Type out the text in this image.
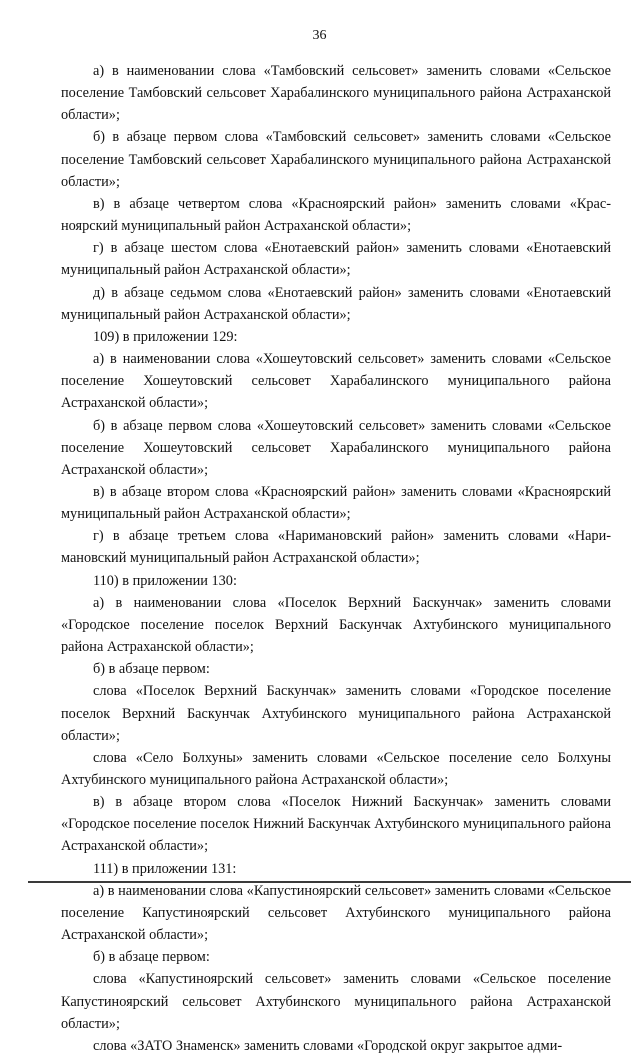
36

а) в наименовании слова «Тамбовский сельсовет» заменить словами «Сельское поселение Тамбовский сельсовет Харабалинского муниципального района Астраханской области»;

б) в абзаце первом слова «Тамбовский сельсовет» заменить словами «Сельское поселение Тамбовский сельсовет Харабалинского муниципального района Астраханской области»;

в) в абзаце четвертом слова «Красноярский район» заменить словами «Красноярский муниципальный район Астраханской области»;

г) в абзаце шестом слова «Енотаевский район» заменить словами «Енотаевский муниципальный район Астраханской области»;

д) в абзаце седьмом слова «Енотаевский район» заменить словами «Енотаевский муниципальный район Астраханской области»;

109) в приложении 129:

а) в наименовании слова «Хошеутовский сельсовет» заменить словами «Сельское поселение Хошеутовский сельсовет Харабалинского муниципального района Астраханской области»;

б) в абзаце первом слова «Хошеутовский сельсовет» заменить словами «Сельское поселение Хошеутовский сельсовет Харабалинского муниципального района Астраханской области»;

в) в абзаце втором слова «Красноярский район» заменить словами «Красноярский муниципальный район Астраханской области»;

г) в абзаце третьем слова «Наримановский район» заменить словами «Наримановский муниципальный район Астраханской области»;

110) в приложении 130:

а) в наименовании слова «Поселок Верхний Баскунчак» заменить словами «Городское поселение поселок Верхний Баскунчак Ахтубинского муниципального района Астраханской области»;

б) в абзаце первом:

слова «Поселок Верхний Баскунчак» заменить словами «Городское поселение поселок Верхний Баскунчак Ахтубинского муниципального района Астраханской области»;

слова «Село Болхуны» заменить словами «Сельское поселение село Болхуны Ахтубинского муниципального района Астраханской области»;

в) в абзаце втором слова «Поселок Нижний Баскунчак» заменить словами «Городское поселение поселок Нижний Баскунчак Ахтубинского муниципального района Астраханской области»;

111) в приложении 131:

а) в наименовании слова «Капустиноярский сельсовет» заменить словами «Сельское поселение Капустиноярский сельсовет Ахтубинского муниципального района Астраханской области»;

б) в абзаце первом:

слова «Капустиноярский сельсовет» заменить словами «Сельское поселение Капустиноярский сельсовет Ахтубинского муниципального района Астраханской области»;

слова «ЗАТО Знаменск» заменить словами «Городской округ закрытое адми-
